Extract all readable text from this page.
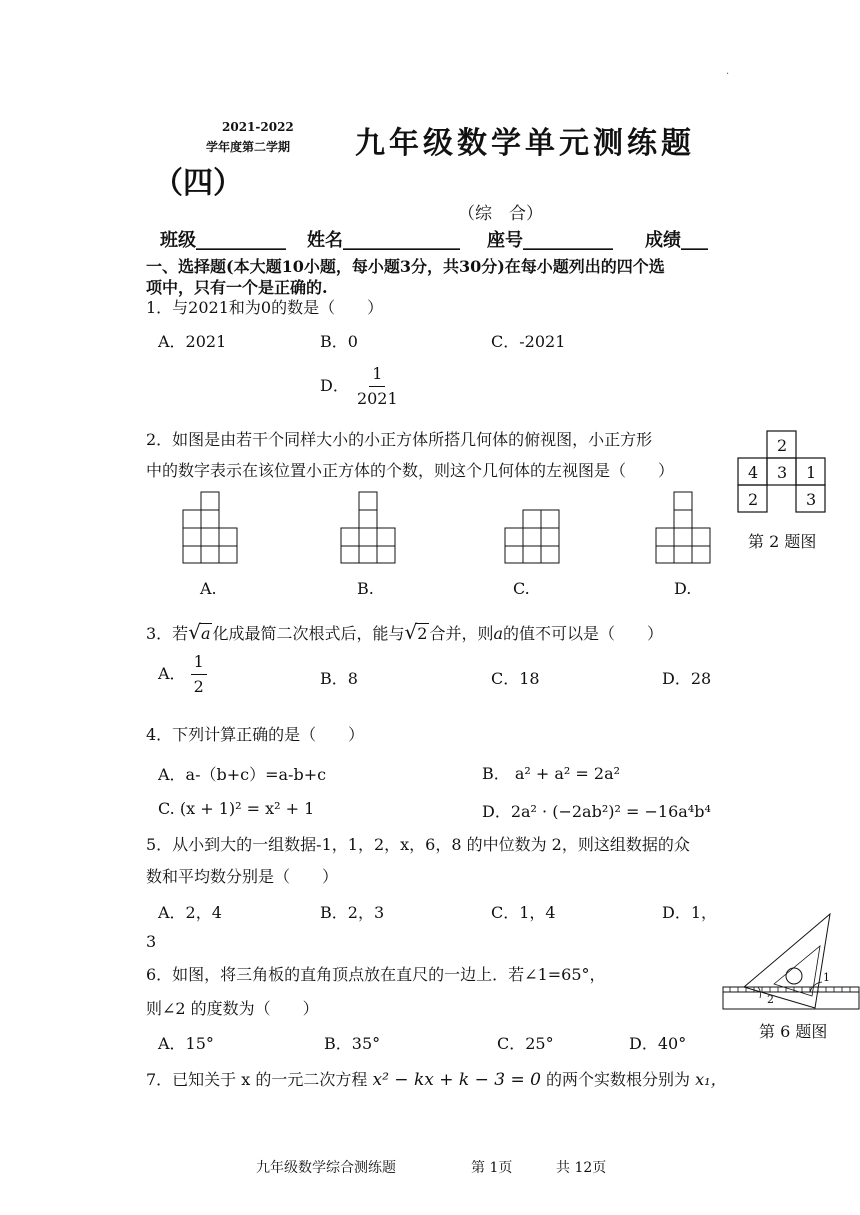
.
2021-2022
学年度第二学期 九年级数学单元测练题
（四）
（综　合）
班级__________ 姓名_____________ 座号__________ 成绩___
一、选择题(本大题10小题，每小题3分，共30分)在每小题列出的四个选
项中，只有一个是正确的.
1．与2021和为0的数是（　　）
A．2021	B．0	C．-2021
D． $\frac{1}{2021}$
2．如图是由若干个同样大小的小正方体所搭几何体的俯视图，小正方形
中的数字表示在该位置小正方体的个数，则这个几何体的左视图是（　　）
2
4 3 1
2	3
第 2 题图
A.	B.	C.	D.
3．若√a 化成最简二次根式后，能与√2 合并，则a的值不可以是（　　）
A． $\frac{1}{2}$	B．8	C．18	D．28
4．下列计算正确的是（　　）
A．a-（b+c）=a-b+c	B． a² + a² = 2a²
C. (x + 1)² = x² + 1	D．2a² · (−2ab²)² = −16a⁴b⁴
5．从小到大的一组数据-1，1，2，x，6，8 的中位数为 2，则这组数据的众
数和平均数分别是（　　）
A．2，4	B．2，3	C．1，4	D．1，
3
6．如图，将三角板的直角顶点放在直尺的一边上．若∠1=65°，
则∠2 的度数为（　　）
A．15°	B．35°	C．25°	D．40°
1
2
第 6 题图
7．已知关于 x 的一元二次方程 x² − kx + k − 3 = 0 的两个实数根分别为 x₁，
九年级数学综合测练题	第 1页	共 12页
